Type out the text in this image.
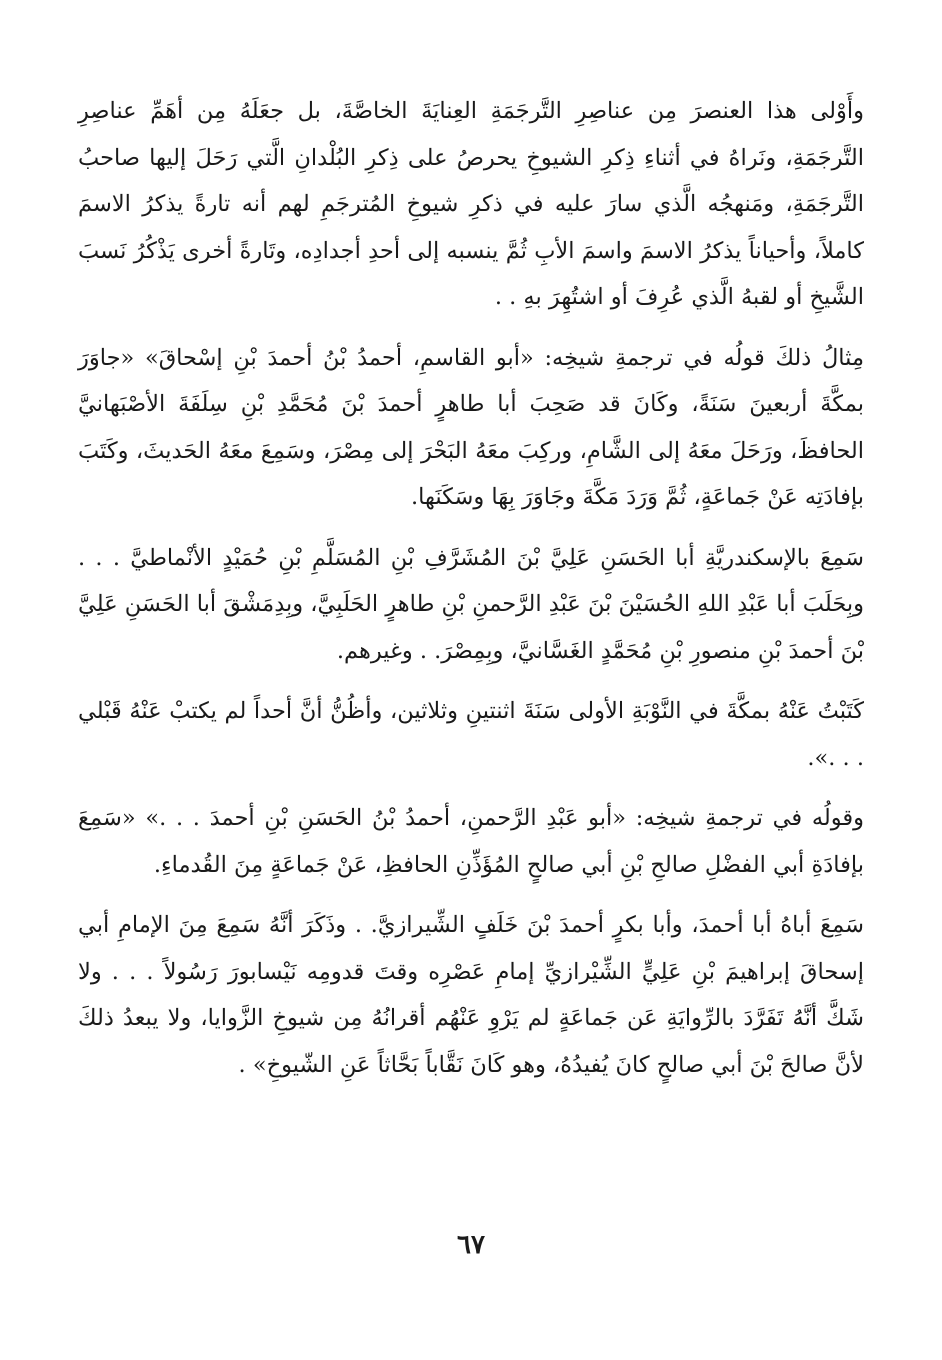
وأَوْلى هذا العنصرَ مِن عناصِرِ التَّرجَمَةِ العِنايَةَ الخاصَّةَ، بل جعَلَهُ مِن أهَمِّ عناصِرِ التَّرجَمَةِ، ونَراهُ في أثناءِ ذِكرِ الشيوخِ يحرصُ على ذِكرِ البُلْدانِ الَّتي رَحَلَ إليها صاحبُ التَّرجَمَةِ، ومَنهجُه الَّذي سارَ عليه في ذكرِ شيوخِ المُترجَمِ لهم أنه تارةً يذكرُ الاسمَ كاملاً، وأحياناً يذكرُ الاسمَ واسمَ الأبِ ثُمَّ ينسبه إلى أحدِ أجدادِه، وتَارةً أخرى يَذْكُرُ نَسبَ الشَّيخِ أو لقبهُ الَّذي عُرِفَ أو اشتُهِرَ بهِ . .

مِثالُ ذلكَ قولُه في ترجمةِ شيخِه: «أبو القاسمِ، أحمدُ بْنُ أحمدَ بْنِ إسْحاقَ» «جاوَرَ بمكَّةَ أربعينَ سَنَةً، وكَانَ قد صَحِبَ أبا طاهرٍ أحمدَ بْنَ مُحَمَّدِ بْنِ سِلَفَةَ الأصْبَهانيَّ الحافظَ، ورَحَلَ معَهُ إلى الشَّامِ، وركِبَ معَهُ البَحْرَ إلى مِصْرَ، وسَمِعَ معَهُ الحَديثَ، وكَتَبَ بإفادَتِه عَنْ جَماعَةٍ، ثُمَّ وَرَدَ مَكَّةَ وجَاوَرَ بِهَا وسَكَنَها.

سَمِعَ بالإسكندريَّةِ أبا الحَسَنِ عَلِيَّ بْنَ المُشَرَّفِ بْنِ المُسَلَّمِ بْنِ حُمَيْدٍ الأنْماطيَّ . . . وبِحَلَبَ أبا عَبْدِ اللهِ الحُسَيْنَ بْنَ عَبْدِ الرَّحمنِ بْنِ طاهرٍ الحَلَبِيَّ، وبِدِمَشْقَ أبا الحَسَنِ عَلِيَّ بْنَ أحمدَ بْنِ منصورِ بْنِ مُحَمَّدٍ الغَسَّانيَّ، وبِمِصْرَ. . وغيرهم.

كَتَبْتُ عَنْهُ بمكَّةَ في النَّوْبَةِ الأولى سَنَةَ اثنتينِ وثلاثين، وأظُنُّ أنَّ أحداً لم يكتبْ عَنْهُ قَبْلي . . .».

وقولُه في ترجمةِ شيخِه: «أبو عَبْدِ الرَّحمنِ، أحمدُ بْنُ الحَسَنِ بْنِ أحمدَ . . .» «سَمِعَ بإفادَةِ أبي الفضْلِ صالحِ بْنِ أبي صالحٍ المُؤَذِّنِ الحافظِ، عَنْ جَماعَةٍ مِنَ القُدماءِ.

سَمِعَ أباهُ أبا أحمدَ، وأبا بكرٍ أحمدَ بْنَ خَلَفٍ الشِّيرازيَّ. . وذَكَرَ أنَّهُ سَمِعَ مِنَ الإمامِ أبي إسحاقَ إبراهيمَ بْنِ عَلِيٍّ الشِّيْرازيِّ إمامِ عَصْرِه وقتَ قدومِه نَيْسابورَ رَسُولاً . . . ولا شَكَّ أنَّهُ تَفَرَّدَ بالرِّوايَةِ عَن جَماعَةٍ لم يَرْوِ عَنْهُم أقرانُهُ مِن شيوخِ الزَّوايا، ولا يبعدُ ذلكَ لأنَّ صالحَ بْنَ أبي صالحٍ كانَ يُفيدُهُ، وهو كَانَ نَقَّاباً بَحَّاثاً عَنِ الشّيوخِ» .

٦٧
